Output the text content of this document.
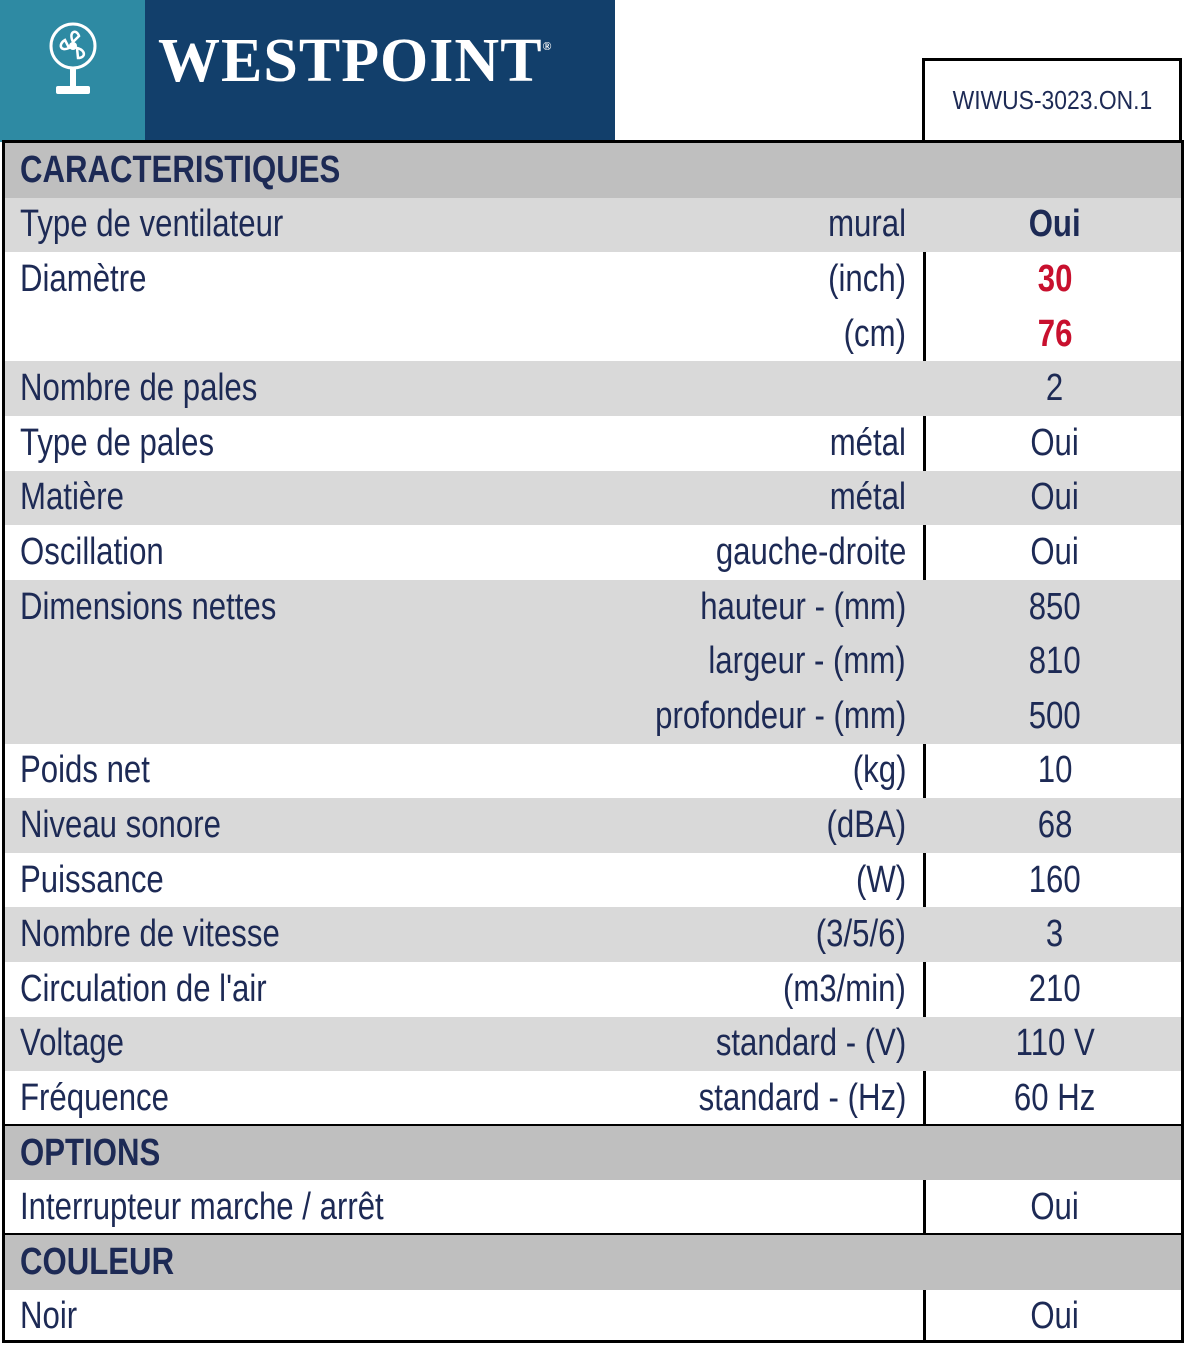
WESTPOINT®
WIWUS-3023.ON.1
CARACTERISTIQUES
Type de ventilateur	mural	Oui
Diamètre	(inch)	30
(cm)	76
Nombre de pales	2
Type de pales	métal	Oui
Matière	métal	Oui
Oscillation	gauche-droite	Oui
Dimensions nettes	hauteur - (mm)	850
largeur - (mm)	810
profondeur - (mm)	500
Poids net	(kg)	10
Niveau sonore	(dBA)	68
Puissance	(W)	160
Nombre de vitesse	(3/5/6)	3
Circulation de l'air	(m3/min)	210
Voltage	standard - (V)	110 V
Fréquence	standard - (Hz)	60 Hz
OPTIONS
Interrupteur marche / arrêt	Oui
COULEUR
Noir	Oui
